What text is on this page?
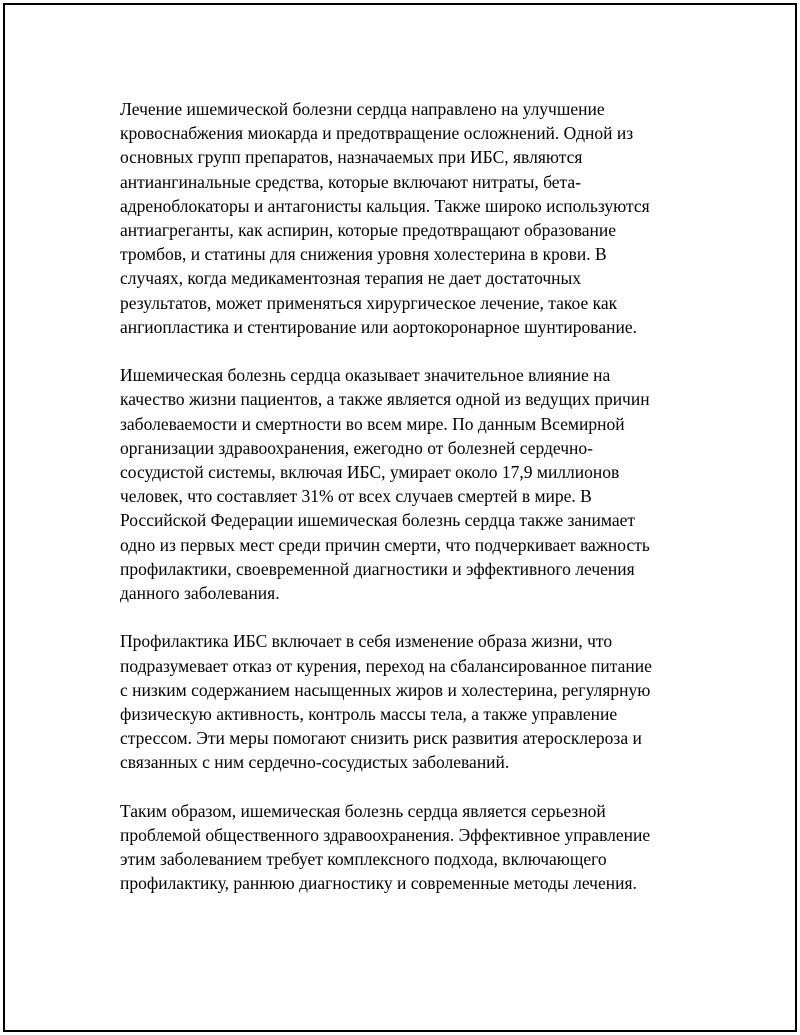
Лечение ишемической болезни сердца направлено на улучшение
кровоснабжения миокарда и предотвращение осложнений. Одной из
основных групп препаратов, назначаемых при ИБС, являются
антиангинальные средства, которые включают нитраты, бета-
адреноблокаторы и антагонисты кальция. Также широко используются
антиагреганты, как аспирин, которые предотвращают образование
тромбов, и статины для снижения уровня холестерина в крови. В
случаях, когда медикаментозная терапия не дает достаточных
результатов, может применяться хирургическое лечение, такое как
ангиопластика и стентирование или аортокоронарное шунтирование.

Ишемическая болезнь сердца оказывает значительное влияние на
качество жизни пациентов, а также является одной из ведущих причин
заболеваемости и смертности во всем мире. По данным Всемирной
организации здравоохранения, ежегодно от болезней сердечно-
сосудистой системы, включая ИБС, умирает около 17,9 миллионов
человек, что составляет 31% от всех случаев смертей в мире. В
Российской Федерации ишемическая болезнь сердца также занимает
одно из первых мест среди причин смерти, что подчеркивает важность
профилактики, своевременной диагностики и эффективного лечения
данного заболевания.

Профилактика ИБС включает в себя изменение образа жизни, что
подразумевает отказ от курения, переход на сбалансированное питание
с низким содержанием насыщенных жиров и холестерина, регулярную
физическую активность, контроль массы тела, а также управление
стрессом. Эти меры помогают снизить риск развития атеросклероза и
связанных с ним сердечно-сосудистых заболеваний.

Таким образом, ишемическая болезнь сердца является серьезной
проблемой общественного здравоохранения. Эффективное управление
этим заболеванием требует комплексного подхода, включающего
профилактику, раннюю диагностику и современные методы лечения.
